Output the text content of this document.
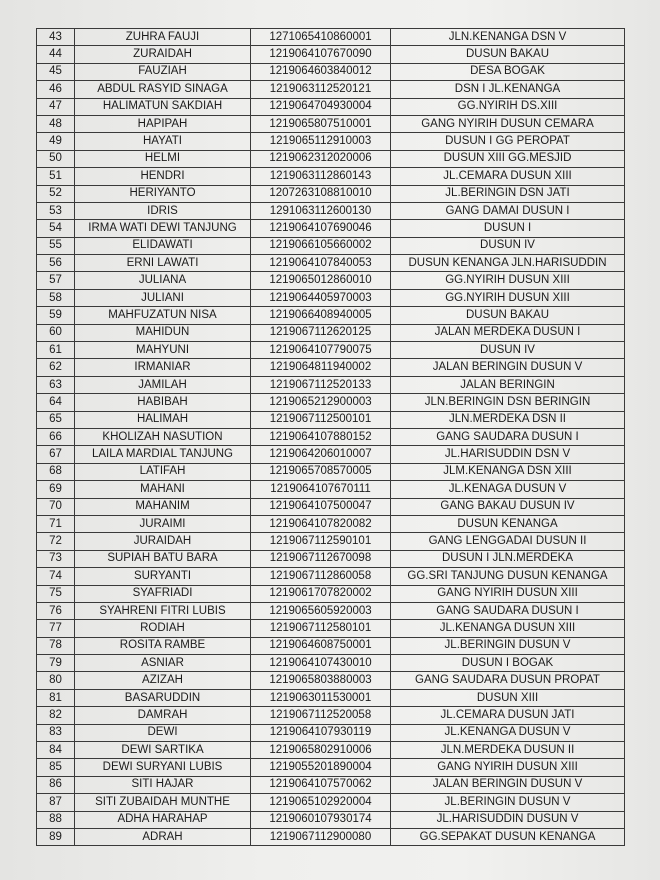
43	ZUHRA FAUJI	1271065410860001	JLN.KENANGA DSN V
44	ZURAIDAH	1219064107670090	DUSUN BAKAU
45	FAUZIAH	1219064603840012	DESA BOGAK
46	ABDUL RASYID SINAGA	1219063112520121	DSN I JL.KENANGA
47	HALIMATUN SAKDIAH	1219064704930004	GG.NYIRIH DS.XIII
48	HAPIPAH	1219065807510001	GANG NYIRIH DUSUN CEMARA
49	HAYATI	1219065112910003	DUSUN I GG PEROPAT
50	HELMI	1219062312020006	DUSUN XIII GG.MESJID
51	HENDRI	1219063112860143	JL.CEMARA DUSUN XIII
52	HERIYANTO	1207263108810010	JL.BERINGIN DSN JATI
53	IDRIS	1291063112600130	GANG DAMAI DUSUN I
54	IRMA WATI DEWI TANJUNG	1219064107690046	DUSUN I
55	ELIDAWATI	1219066105660002	DUSUN IV
56	ERNI LAWATI	1219064107840053	DUSUN KENANGA JLN.HARISUDDIN
57	JULIANA	1219065012860010	GG.NYIRIH DUSUN XIII
58	JULIANI	1219064405970003	GG.NYIRIH DUSUN XIII
59	MAHFUZATUN NISA	1219066408940005	DUSUN BAKAU
60	MAHIDUN	1219067112620125	JALAN MERDEKA DUSUN I
61	MAHYUNI	1219064107790075	DUSUN IV
62	IRMANIAR	1219064811940002	JALAN BERINGIN DUSUN V
63	JAMILAH	1219067112520133	JALAN BERINGIN
64	HABIBAH	1219065212900003	JLN.BERINGIN DSN BERINGIN
65	HALIMAH	1219067112500101	JLN.MERDEKA DSN II
66	KHOLIZAH NASUTION	1219064107880152	GANG SAUDARA DUSUN I
67	LAILA MARDIAL TANJUNG	1219064206010007	JL.HARISUDDIN DSN V
68	LATIFAH	1219065708570005	JLM.KENANGA DSN XIII
69	MAHANI	1219064107670111	JL.KENAGA DUSUN V
70	MAHANIM	1219064107500047	GANG BAKAU DUSUN IV
71	JURAIMI	1219064107820082	DUSUN KENANGA
72	JURAIDAH	1219067112590101	GANG LENGGADAI DUSUN II
73	SUPIAH BATU BARA	1219067112670098	DUSUN I JLN.MERDEKA
74	SURYANTI	1219067112860058	GG.SRI TANJUNG DUSUN KENANGA
75	SYAFRIADI	1219061707820002	GANG NYIRIH DUSUN XIII
76	SYAHRENI FITRI LUBIS	1219065605920003	GANG SAUDARA DUSUN I
77	RODIAH	1219067112580101	JL.KENANGA DUSUN XIII
78	ROSITA RAMBE	1219064608750001	JL.BERINGIN DUSUN V
79	ASNIAR	1219064107430010	DUSUN I BOGAK
80	AZIZAH	1219065803880003	GANG SAUDARA DUSUN PROPAT
81	BASARUDDIN	1219063011530001	DUSUN XIII
82	DAMRAH	1219067112520058	JL.CEMARA DUSUN JATI
83	DEWI	1219064107930119	JL.KENANGA DUSUN V
84	DEWI SARTIKA	1219065802910006	JLN.MERDEKA DUSUN II
85	DEWI SURYANI LUBIS	1219055201890004	GANG NYIRIH DUSUN XIII
86	SITI HAJAR	1219064107570062	JALAN BERINGIN DUSUN V
87	SITI ZUBAIDAH MUNTHE	1219065102920004	JL.BERINGIN DUSUN V
88	ADHA HARAHAP	1219060107930174	JL.HARISUDDIN DUSUN V
89	ADRAH	1219067112900080	GG.SEPAKAT DUSUN KENANGA
